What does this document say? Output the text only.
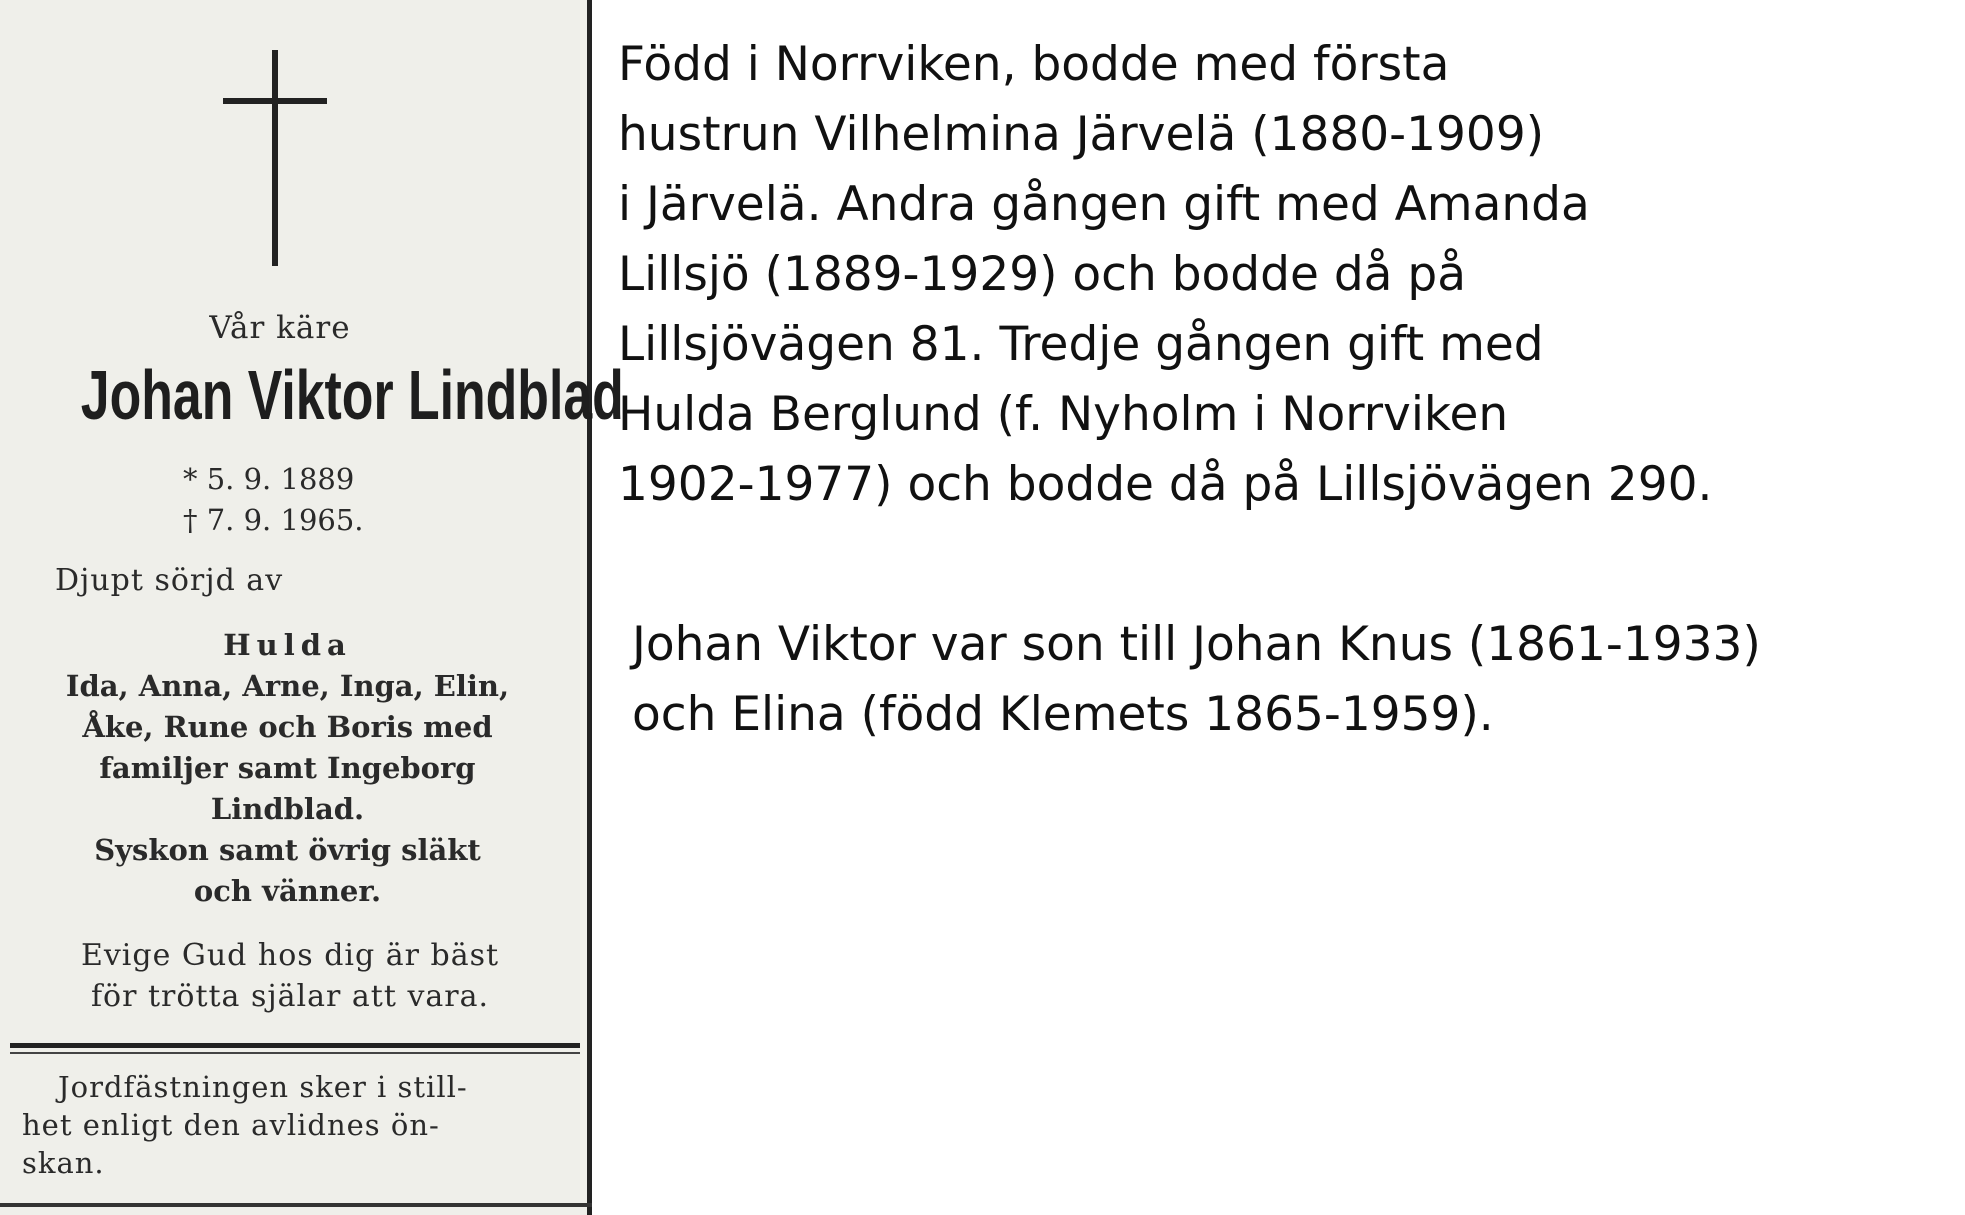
Vår käre
Johan Viktor Lindblad
* 5. 9. 1889
† 7. 9. 1965.
Djupt sörjd av
Hulda
Ida, Anna, Arne, Inga, Elin,
Åke, Rune och Boris med
familjer samt Ingeborg
Lindblad.
Syskon samt övrig släkt
och vänner.
Evige Gud hos dig är bäst
för trötta själar att vara.
Jordfästningen sker i still-
het enligt den avlidnes ön-
skan.
Född i Norrviken, bodde med första
hustrun Vilhelmina Järvelä (1880-1909)
i Järvelä. Andra gången gift med Amanda
Lillsjö (1889-1929) och bodde då på
Lillsjövägen 81. Tredje gången gift med
Hulda Berglund (f. Nyholm i Norrviken
1902-1977) och bodde då på Lillsjövägen 290.
Johan Viktor var son till Johan Knus (1861-1933)
och Elina (född Klemets 1865-1959).
